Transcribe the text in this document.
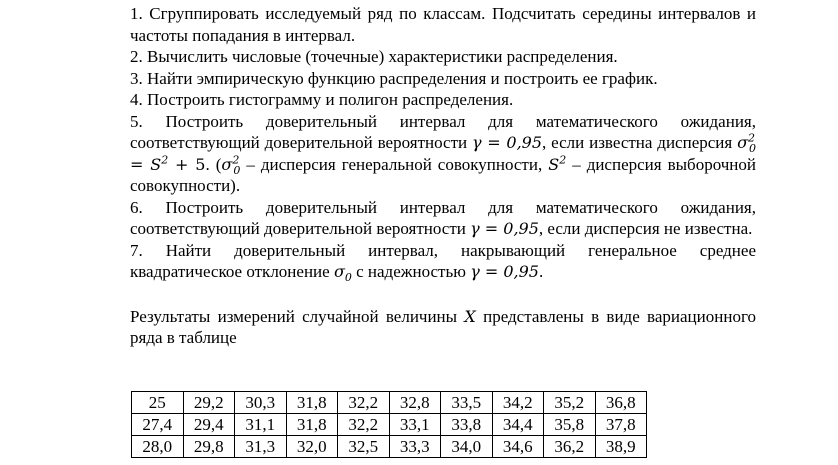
1. Сгруппировать исследуемый ряд по классам. Подсчитать середины интервалов и частоты попадания в интервал.

2. Вычислить числовые (точечные) характеристики распределения.

3. Найти эмпирическую функцию распределения и построить ее график.

4. Построить гистограмму и полигон распределения.

5. Построить доверительный интервал для математического ожидания, соответствующий доверительной вероятности γ = 0,95, если известна дисперсия $\sigma^2_0 = S^2 + 5$. ($\sigma^2_0$ – дисперсия генеральной совокупности, $S^2$ – дисперсия выборочной совокупности).

6. Построить доверительный интервал для математического ожидания, соответствующий доверительной вероятности γ = 0,95, если дисперсия не известна.

7. Найти доверительный интервал, накрывающий генеральное среднее квадратическое отклонение $\sigma_0$ с надежностью γ = 0,95.

Результаты измерений случайной величины X представлены в виде вариационного ряда в таблице

25	29,2	30,3	31,8	32,2	32,8	33,5	34,2	35,2	36,8
27,4	29,4	31,1	31,8	32,2	33,1	33,8	34,4	35,8	37,8
28,0	29,8	31,3	32,0	32,5	33,3	34,0	34,6	36,2	38,9
